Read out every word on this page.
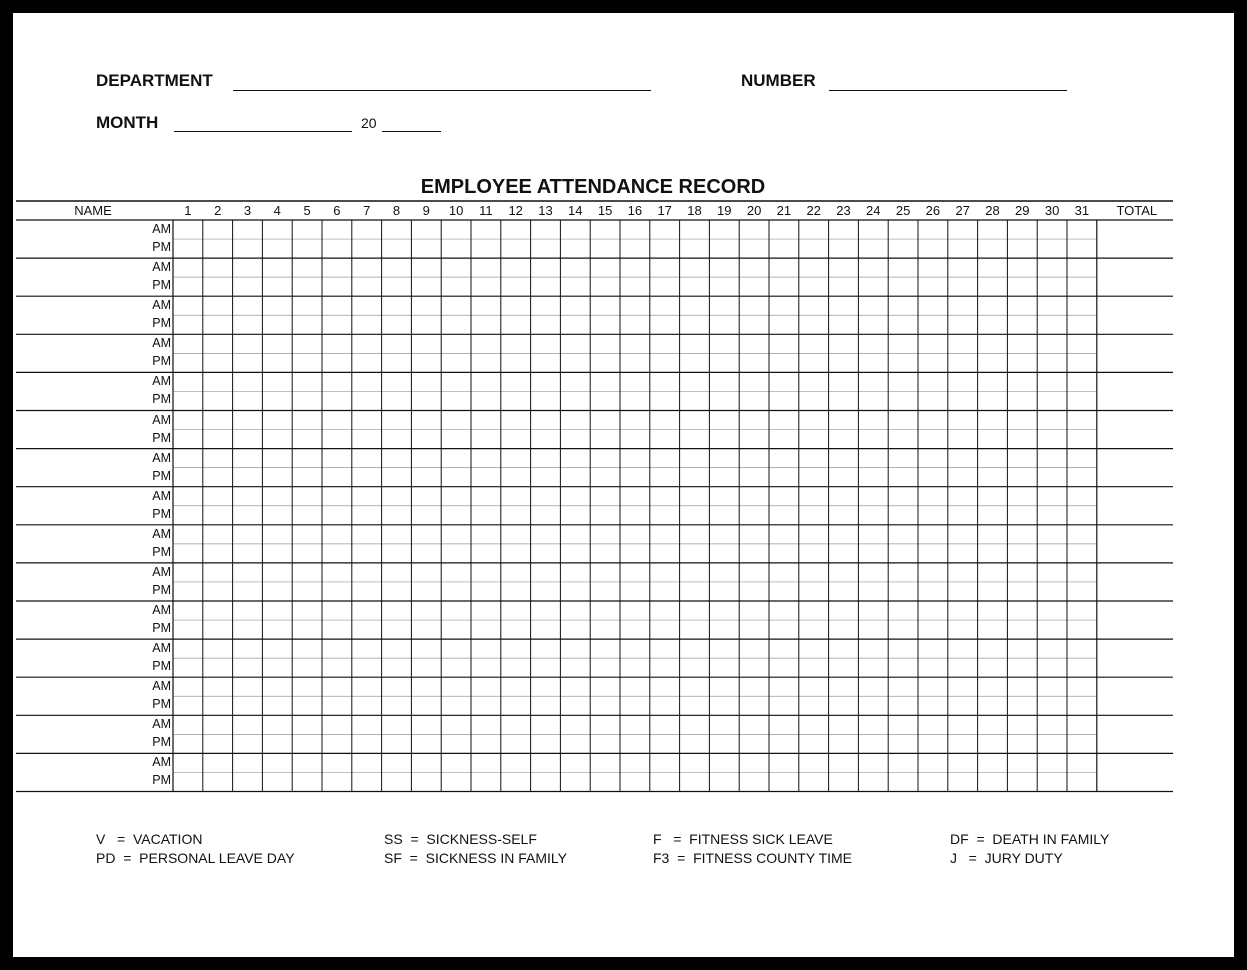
DEPARTMENT	NUMBER
MONTH	20
EMPLOYEE ATTENDANCE RECORD
NAME	1	2	3	4	5	6	7	8	9	10	11	12	13	14	15	16	17	18	19	20	21	22	23	24	25	26	27	28	29	30	31	TOTAL
AM
PM
AM
PM
AM
PM
AM
PM
AM
PM
AM
PM
AM
PM
AM
PM
AM
PM
AM
PM
AM
PM
AM
PM
AM
PM
AM
PM
AM
PM
V   =  VACATION
PD  =  PERSONAL LEAVE DAY
SS  =  SICKNESS-SELF
SF  =  SICKNESS IN FAMILY
F   =  FITNESS SICK LEAVE
F3  =  FITNESS COUNTY TIME
DF  =  DEATH IN FAMILY
J   =  JURY DUTY
